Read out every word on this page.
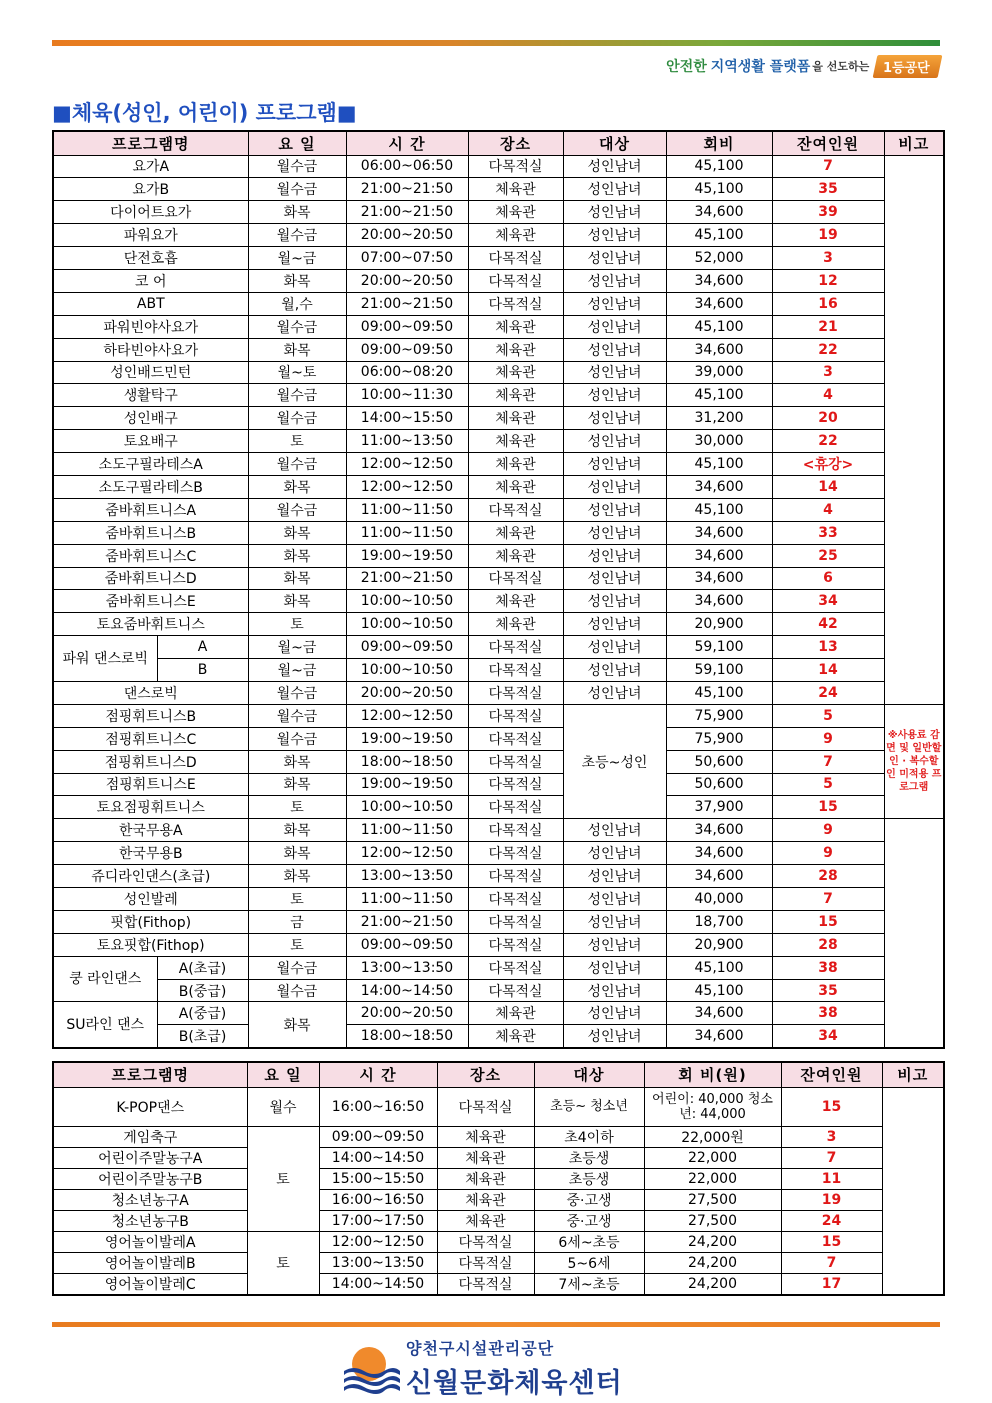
안전한 지역생활 플랫폼 을 선도하는	1등공단
■체육(성인, 어린이) 프로그램■
프로그램명		요 일	시 간	장소	대상	회비	잔여인원	비고
요가A		월수금	06:00~06:50	다목적실	성인남녀	45,100	7	
요가B		월수금	21:00~21:50	체육관	성인남녀	45,100	35	
다이어트요가		화목	21:00~21:50	체육관	성인남녀	34,600	39	
파워요가		월수금	20:00~20:50	체육관	성인남녀	45,100	19	
단전호흡		월~금	07:00~07:50	다목적실	성인남녀	52,000	3	
코 어		화목	20:00~20:50	다목적실	성인남녀	34,600	12	
ABT		월,수	21:00~21:50	다목적실	성인남녀	34,600	16	
파워빈야사요가		월수금	09:00~09:50	체육관	성인남녀	45,100	21	
하타빈야사요가		화목	09:00~09:50	체육관	성인남녀	34,600	22	
성인배드민턴		월~토	06:00~08:20	체육관	성인남녀	39,000	3	
생활탁구		월수금	10:00~11:30	체육관	성인남녀	45,100	4	
성인배구		월수금	14:00~15:50	체육관	성인남녀	31,200	20	
토요배구		토	11:00~13:50	체육관	성인남녀	30,000	22	
소도구필라테스A		월수금	12:00~12:50	체육관	성인남녀	45,100	<휴강>	
소도구필라테스B		화목	12:00~12:50	체육관	성인남녀	34,600	14	
줌바휘트니스A		월수금	11:00~11:50	다목적실	성인남녀	45,100	4	
줌바휘트니스B		화목	11:00~11:50	체육관	성인남녀	34,600	33	
줌바휘트니스C		화목	19:00~19:50	체육관	성인남녀	34,600	25	
줌바휘트니스D		화목	21:00~21:50	다목적실	성인남녀	34,600	6	
줌바휘트니스E		화목	10:00~10:50	체육관	성인남녀	34,600	34	
토요줌바휘트니스		토	10:00~10:50	체육관	성인남녀	20,900	42	
파워 댄스로빅	A	월~금	09:00~09:50	다목적실	성인남녀	59,100	13	
	B	월~금	10:00~10:50	다목적실	성인남녀	59,100	14	
댄스로빅		월수금	20:00~20:50	다목적실	성인남녀	45,100	24	
점핑휘트니스B		월수금	12:00~12:50	다목적실	초등~성인	75,900	5	※사용료 감면 및 일반할인 · 복수할인 미적용 프로그램
점핑휘트니스C		월수금	19:00~19:50	다목적실		75,900	9	
점핑휘트니스D		화목	18:00~18:50	다목적실		50,600	7	
점핑휘트니스E		화목	19:00~19:50	다목적실		50,600	5	
토요점핑휘트니스		토	10:00~10:50	다목적실		37,900	15	
한국무용A		화목	11:00~11:50	다목적실	성인남녀	34,600	9	
한국무용B		화목	12:00~12:50	다목적실	성인남녀	34,600	9	
쥬디라인댄스(초급)		화목	13:00~13:50	다목적실	성인남녀	34,600	28	
성인발레		토	11:00~11:50	다목적실	성인남녀	40,000	7	
핏합(Fithop)		금	21:00~21:50	다목적실	성인남녀	18,700	15	
토요핏합(Fithop)		토	09:00~09:50	다목적실	성인남녀	20,900	28	
쿵 라인댄스	A(초급)	월수금	13:00~13:50	다목적실	성인남녀	45,100	38	
	B(중급)	월수금	14:00~14:50	다목적실	성인남녀	45,100	35	
SU라인 댄스	A(중급)	화목	20:00~20:50	체육관	성인남녀	34,600	38	
	B(초급)		18:00~18:50	체육관	성인남녀	34,600	34	
프로그램명	요 일	시 간	장소	대상	회 비(원)	잔여인원	비고
K-POP댄스	월수	16:00~16:50	다목적실	초등~ 청소년	어린이: 40,000 청소년: 44,000	15	
게임축구	토	09:00~09:50	체육관	초4이하	22,000원	3	
어린이주말농구A		14:00~14:50	체육관	초등생	22,000	7	
어린이주말농구B		15:00~15:50	체육관	초등생	22,000	11	
청소년농구A		16:00~16:50	체육관	중·고생	27,500	19	
청소년농구B		17:00~17:50	체육관	중·고생	27,500	24	
영어놀이발레A	토	12:00~12:50	다목적실	6세~초등	24,200	15	
영어놀이발레B		13:00~13:50	다목적실	5~6세	24,200	7	
영어놀이발레C		14:00~14:50	다목적실	7세~초등	24,200	17	
양천구시설관리공단
신월문화체육센터
